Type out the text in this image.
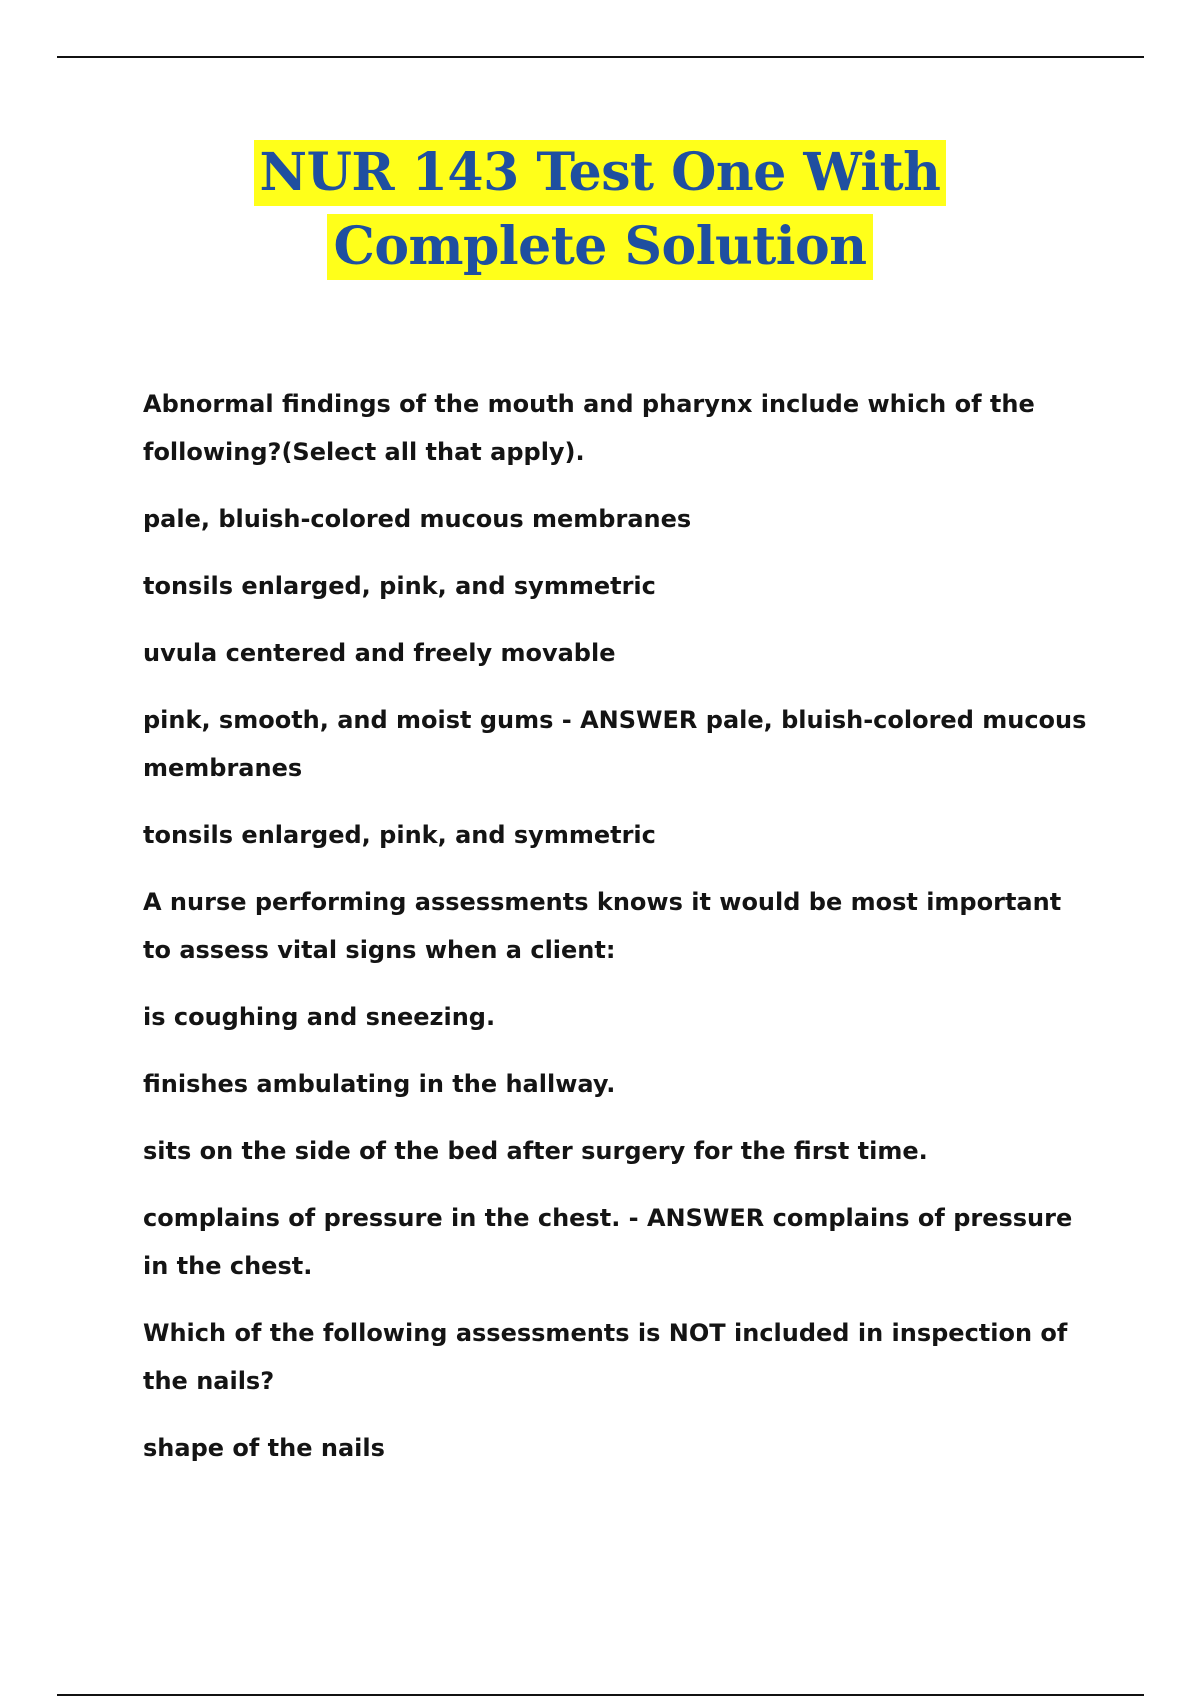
NUR 143 Test One With
Complete Solution

Abnormal findings of the mouth and pharynx include which of the following?(Select all that apply).

pale, bluish-colored mucous membranes

tonsils enlarged, pink, and symmetric

uvula centered and freely movable

pink, smooth, and moist gums - ANSWER pale, bluish-colored mucous membranes

tonsils enlarged, pink, and symmetric

A nurse performing assessments knows it would be most important to assess vital signs when a client:

is coughing and sneezing.

finishes ambulating in the hallway.

sits on the side of the bed after surgery for the first time.

complains of pressure in the chest. - ANSWER complains of pressure in the chest.

Which of the following assessments is NOT included in inspection of the nails?

shape of the nails
